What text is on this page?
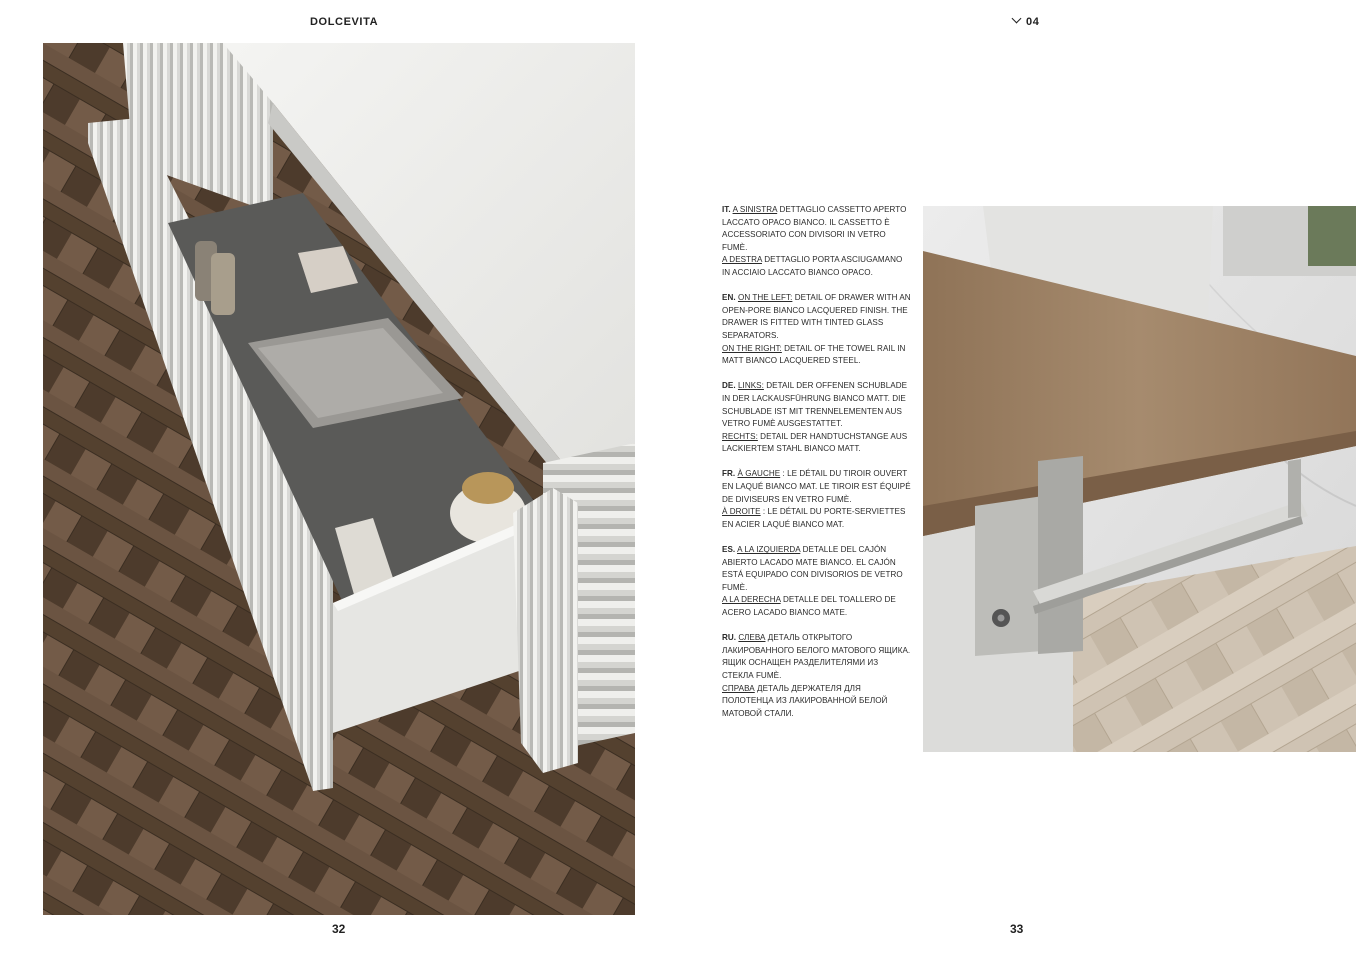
DOLCEVITA	04

IT. A SINISTRA DETTAGLIO CASSETTO APERTO LACCATO OPACO BIANCO. IL CASSETTO È ACCESSORIATO CON DIVISORI IN VETRO FUMÈ.
A DESTRA DETTAGLIO PORTA ASCIUGAMANO IN ACCIAIO LACCATO BIANCO OPACO.

EN. ON THE LEFT: DETAIL OF DRAWER WITH AN OPEN-PORE BIANCO LACQUERED FINISH. THE DRAWER IS FITTED WITH TINTED GLASS SEPARATORS.
ON THE RIGHT: DETAIL OF THE TOWEL RAIL IN MATT BIANCO LACQUERED STEEL.

DE. LINKS: DETAIL DER OFFENEN SCHUBLADE IN DER LACKAUSFÜHRUNG BIANCO MATT. DIE SCHUBLADE IST MIT TRENNELEMENTEN AUS VETRO FUMÈ AUSGESTATTET.
RECHTS: DETAIL DER HANDTUCHSTANGE AUS LACKIERTEM STAHL BIANCO MATT.

FR. À GAUCHE : LE DÉTAIL DU TIROIR OUVERT EN LAQUÉ BIANCO MAT. LE TIROIR EST ÉQUIPÉ DE DIVISEURS EN VETRO FUMÈ.
À DROITE : LE DÉTAIL DU PORTE-SERVIETTES EN ACIER LAQUÉ BIANCO MAT.

ES. A LA IZQUIERDA DETALLE DEL CAJÓN ABIERTO LACADO MATE BIANCO. EL CAJÓN ESTÁ EQUIPADO CON DIVISORIOS DE VETRO FUMÈ.
A LA DERECHA DETALLE DEL TOALLERO DE ACERO LACADO BIANCO MATE.

RU. СЛЕВА ДЕТАЛЬ ОТКРЫТОГО ЛАКИРОВАННОГО БЕЛОГО МАТОВОГО ЯЩИКА. ЯЩИК ОСНАЩЕН РАЗДЕЛИТЕЛЯМИ ИЗ СТЕКЛА FUMÈ.
СПРАВА ДЕТАЛЬ ДЕРЖАТЕЛЯ ДЛЯ ПОЛОТЕНЦА ИЗ ЛАКИРОВАННОЙ БЕЛОЙ МАТОВОЙ СТАЛИ.

32	33
